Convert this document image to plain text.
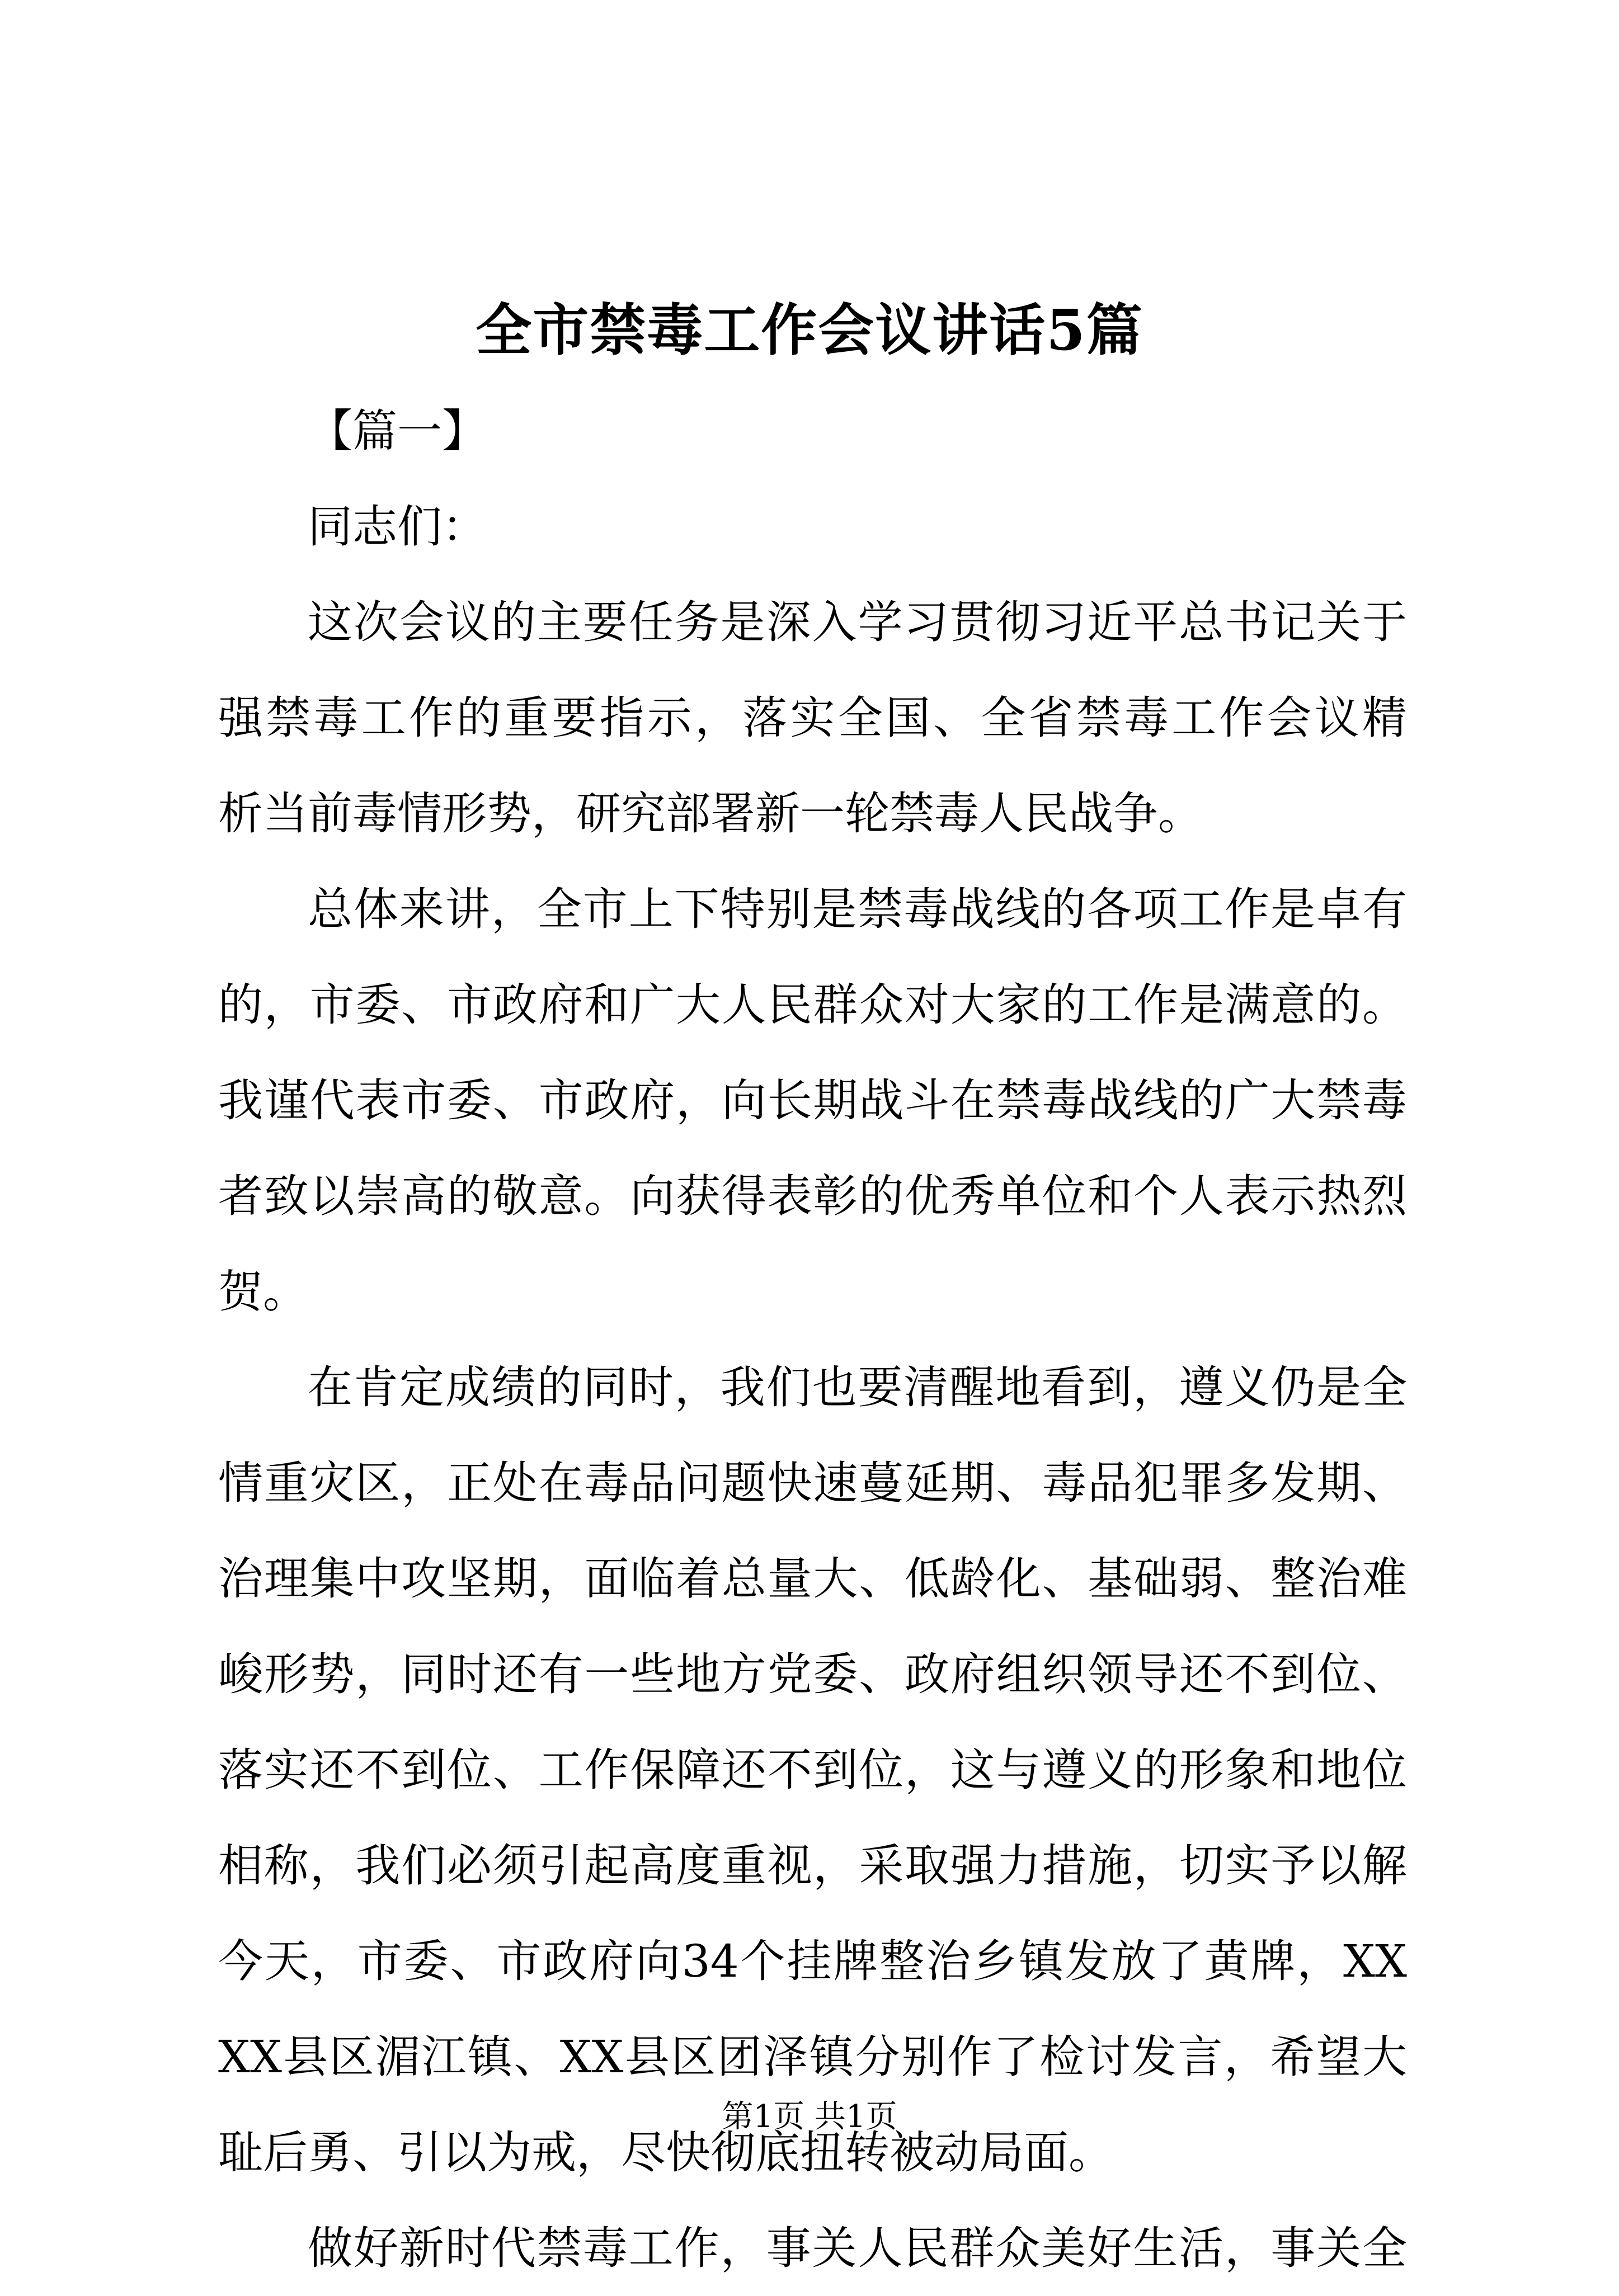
全市禁毒工作会议讲话5篇
【篇一】
同志们：
这次会议的主要任务是深入学习贯彻习近平总书记关于
强禁毒工作的重要指示，落实全国、全省禁毒工作会议精
析当前毒情形势，研究部署新一轮禁毒人民战争。
总体来讲，全市上下特别是禁毒战线的各项工作是卓有
的，市委、市政府和广大人民群众对大家的工作是满意的。
我谨代表市委、市政府，向长期战斗在禁毒战线的广大禁毒
者致以崇高的敬意。向获得表彰的优秀单位和个人表示热烈
贺。
在肯定成绩的同时，我们也要清醒地看到，遵义仍是全
情重灾区，正处在毒品问题快速蔓延期、毒品犯罪多发期、
治理集中攻坚期，面临着总量大、低龄化、基础弱、整治难
峻形势，同时还有一些地方党委、政府组织领导还不到位、
落实还不到位、工作保障还不到位，这与遵义的形象和地位
相称，我们必须引起高度重视，采取强力措施，切实予以解
今天，市委、市政府向34个挂牌整治乡镇发放了黄牌，XX
XX县区湄江镇、XX县区团泽镇分别作了检讨发言，希望大
耻后勇、引以为戒，尽快彻底扭转被动局面。
做好新时代禁毒工作，事关人民群众美好生活，事关全
第1页 共1页
